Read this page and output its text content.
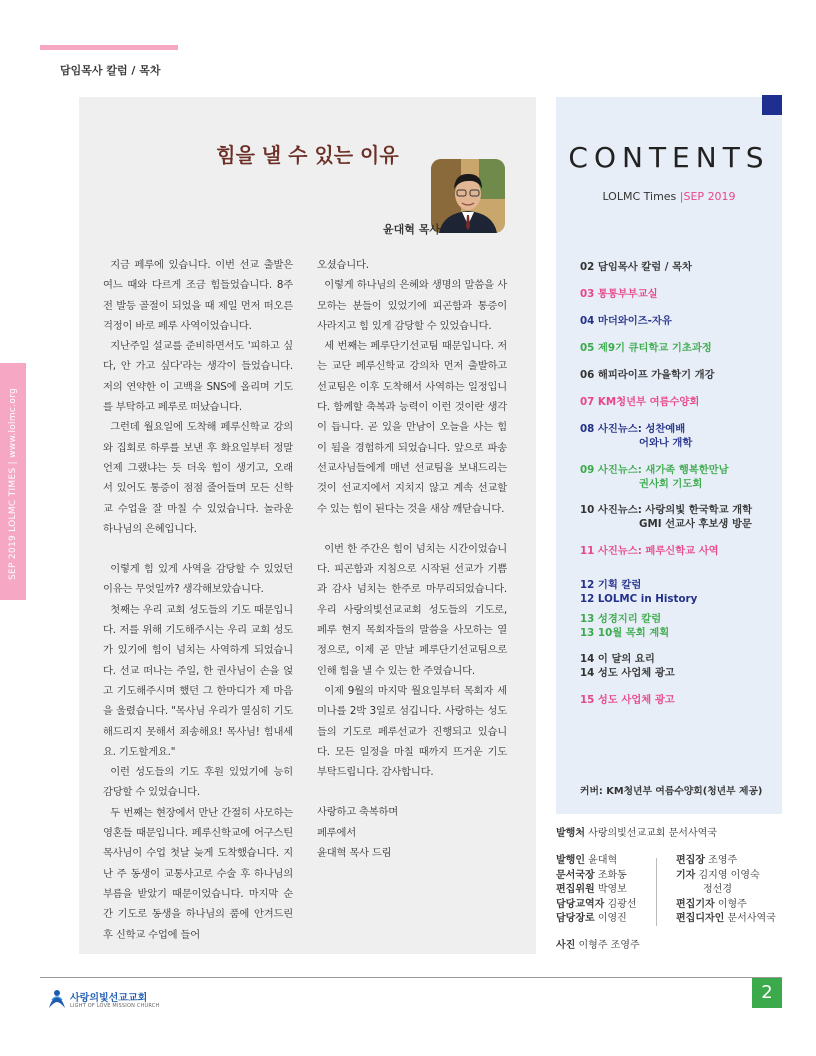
담임목사 칼럼 / 목차
SEP 2019 LOLMC TIMES | www.lolmc.org
힘을 낼 수 있는 이유
윤대혁 목사

지금 페루에 있습니다. 이번 선교 출발은 여느 때와 다르게 조금 힘들었습니다. 8주 전 발등 골절이 되었을 때 제일 먼저 떠오른 걱정이 바로 페루 사역이었습니다.

지난주일 설교를 준비하면서도 '피하고 싶다, 안 가고 싶다'라는 생각이 들었습니다. 저의 연약한 이 고백을 SNS에 올리며 기도를 부탁하고 페루로 떠났습니다.

그런데 월요일에 도착해 페루신학교 강의와 집회로 하루를 보낸 후 화요일부터 정말 언제 그랬냐는 듯 더욱 힘이 생기고, 오래 서 있어도 통증이 점점 줄어들며 모든 신학교 수업을 잘 마칠 수 있었습니다. 놀라운 하나님의 은혜입니다.

이렇게 힘 있게 사역을 감당할 수 있었던 이유는 무엇일까? 생각해보았습니다.

첫째는 우리 교회 성도들의 기도 때문입니다. 저를 위해 기도해주시는 우리 교회 성도가 있기에 힘이 넘치는 사역하게 되었습니다. 선교 떠나는 주일, 한 권사님이 손을 얹고 기도해주시며 했던 그 한마디가 제 마음을 울렸습니다. "목사님 우리가 열심히 기도해드리지 못해서 죄송해요! 목사님! 힘내세요. 기도할게요."

이런 성도들의 기도 후원 있었기에 능히 감당할 수 있었습니다.

두 번째는 현장에서 만난 간절히 사모하는 영혼들 때문입니다. 페루신학교에 어구스틴 목사님이 수업 첫날 늦게 도착했습니다. 지난 주 동생이 교통사고로 수술 후 하나님의 부름을 받았기 때문이었습니다. 마지막 순간 기도로 동생을 하나님의 품에 안겨드린 후 신학교 수업에 들어

오셨습니다.

이렇게 하나님의 은혜와 생명의 말씀을 사모하는 분들이 있었기에 피곤함과 통증이 사라지고 힘 있게 감당할 수 있었습니다.

세 번째는 페루단기선교팀 때문입니다. 저는 교단 페루신학교 강의차 먼저 출발하고 선교팀은 이후 도착해서 사역하는 일정입니다. 함께할 축복과 능력이 이런 것이란 생각이 듭니다. 곧 있을 만남이 오늘을 사는 힘이 됨을 경험하게 되었습니다. 앞으로 파송 선교사님들에게 매년 선교팀을 보내드리는 것이 선교지에서 지치지 않고 계속 선교할 수 있는 힘이 된다는 것을 새삼 깨닫습니다.

이번 한 주간은 힘이 넘치는 시간이었습니다. 피곤함과 지침으로 시작된 선교가 기쁨과 감사 넘치는 한주로 마무리되었습니다. 우리 사랑의빛선교교회 성도들의 기도로, 페루 현지 목회자들의 말씀을 사모하는 열정으로, 이제 곧 만날 페루단기선교팀으로 인해 힘을 낼 수 있는 한 주였습니다.

이제 9월의 마지막 월요일부터 목회자 세미나를 2박 3일로 섬깁니다. 사랑하는 성도들의 기도로 페루선교가 진행되고 있습니다. 모든 일정을 마칠 때까지 뜨거운 기도 부탁드립니다. 감사합니다.

사랑하고 축복하며

페루에서

윤대혁 목사 드림

CONTENTS
LOLMC Times |SEP 2019
02 담임목사 칼럼 / 목차
03 통통부부교실
04 마더와이즈-자유
05 제9기 큐티학교 기초과정
06 해피라이프 가을학기 개강
07 KM청년부 여름수양회
08 사진뉴스: 성찬예배
어와나 개학
09 사진뉴스: 새가족 행복한만남
권사회 기도회
10 사진뉴스: 사랑의빛 한국학교 개학
GMI 선교사 후보생 방문
11 사진뉴스: 페루신학교 사역
12 기획 칼럼
12 LOLMC in History
13 성경지리 칼럼
13 10월 목회 계획
14 이 달의 요리
14 성도 사업체 광고
15 성도 사업체 광고
커버: KM청년부 여름수양회(청년부 제공)
발행처 사랑의빛선교교회 문서사역국
발행인 윤대혁
문서국장 조화동
편집위원 박영보
담당교역자 김광선
담당장로 이영진
편집장 조영주
기자 김지영 이영숙
정선경
편집기자 이형주
편집디자인 문서사역국
사진 이형주 조영주
사랑의빛선교교회
LIGHT OF LOVE MISSION CHURCH
2
